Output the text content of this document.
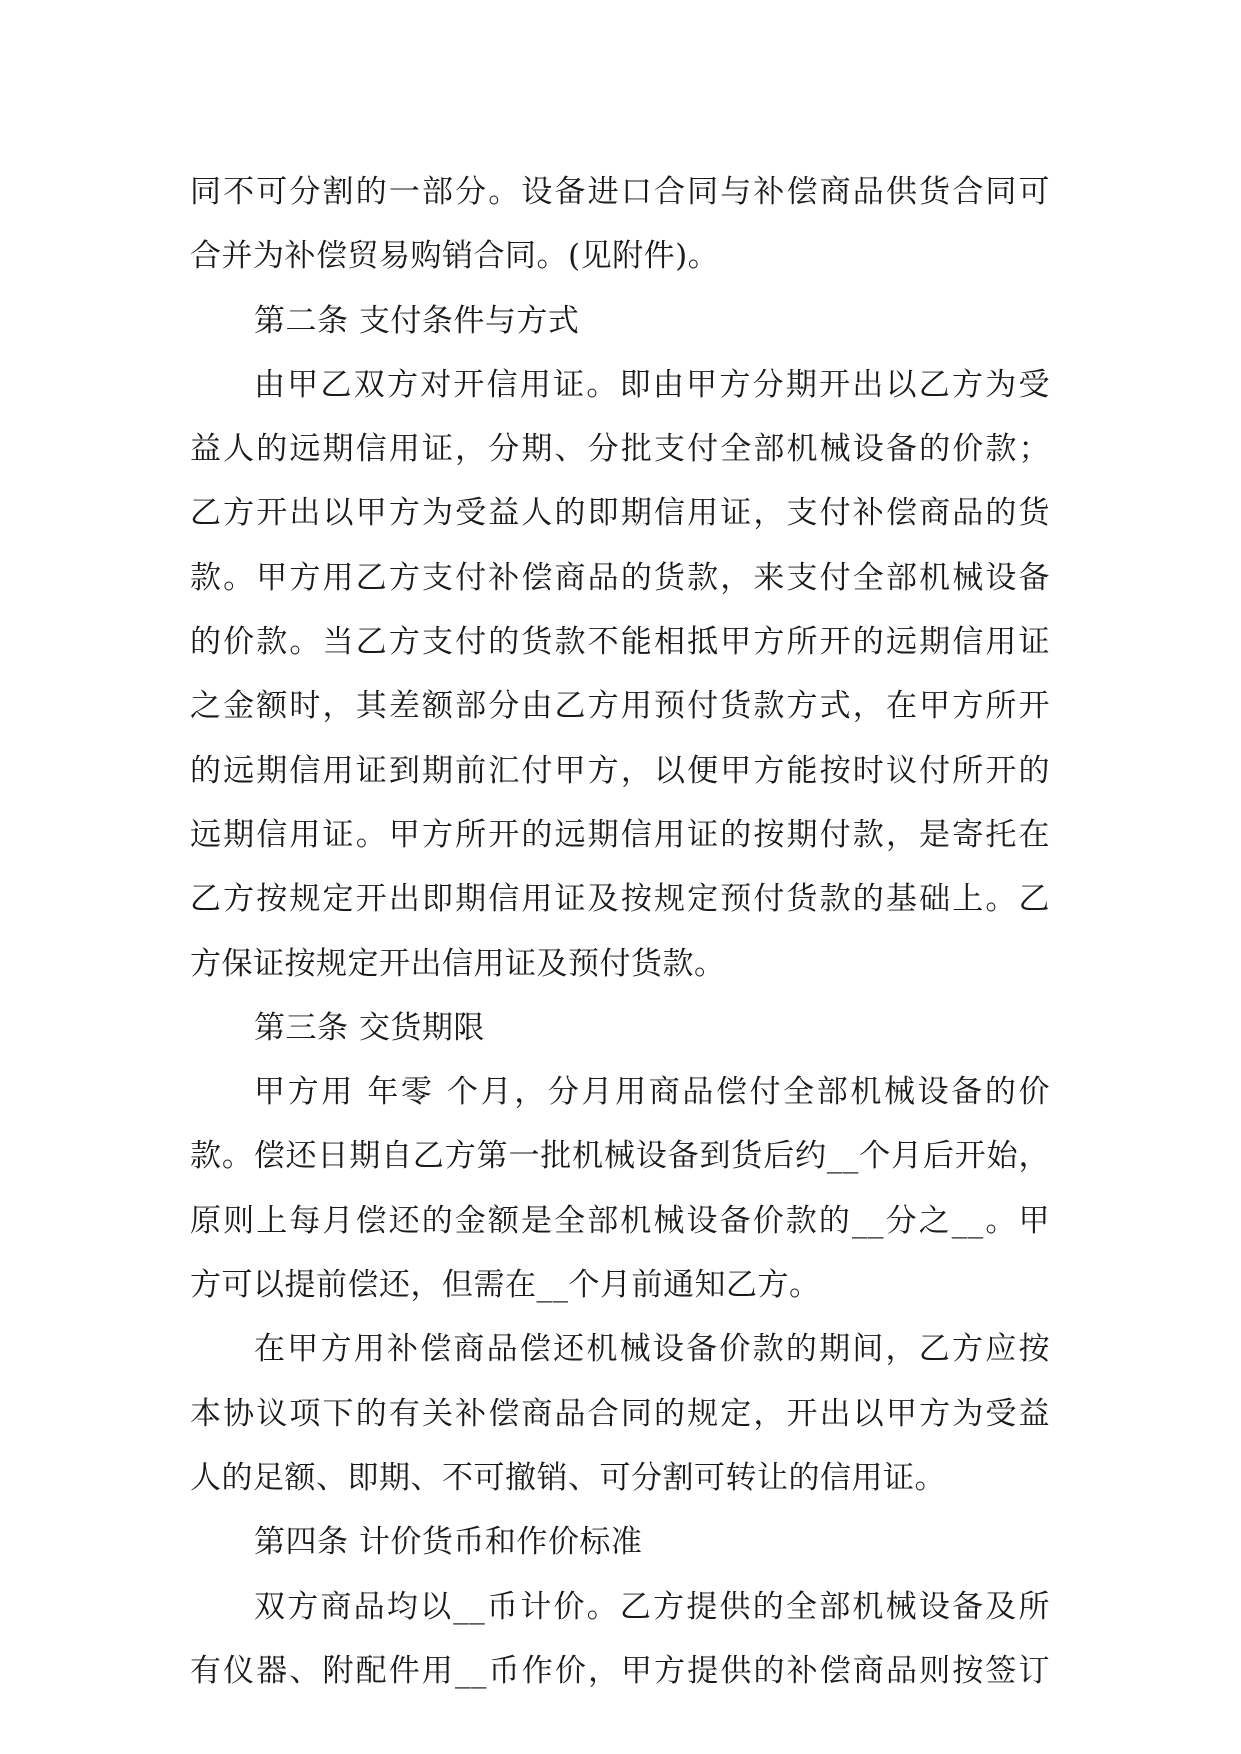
同不可分割的一部分。设备进口合同与补偿商品供货合同可
合并为补偿贸易购销合同。(见附件)。
第二条 支付条件与方式
由甲乙双方对开信用证。即由甲方分期开出以乙方为受
益人的远期信用证，分期、分批支付全部机械设备的价款；
乙方开出以甲方为受益人的即期信用证，支付补偿商品的货
款。甲方用乙方支付补偿商品的货款，来支付全部机械设备
的价款。当乙方支付的货款不能相抵甲方所开的远期信用证
之金额时，其差额部分由乙方用预付货款方式，在甲方所开
的远期信用证到期前汇付甲方，以便甲方能按时议付所开的
远期信用证。甲方所开的远期信用证的按期付款，是寄托在
乙方按规定开出即期信用证及按规定预付货款的基础上。乙
方保证按规定开出信用证及预付货款。
第三条 交货期限
甲方用 年零 个月，分月用商品偿付全部机械设备的价
款。偿还日期自乙方第一批机械设备到货后约__个月后开始，
原则上每月偿还的金额是全部机械设备价款的__分之__。甲
方可以提前偿还，但需在__个月前通知乙方。
在甲方用补偿商品偿还机械设备价款的期间，乙方应按
本协议项下的有关补偿商品合同的规定，开出以甲方为受益
人的足额、即期、不可撤销、可分割可转让的信用证。
第四条 计价货币和作价标准
双方商品均以__币计价。乙方提供的全部机械设备及所
有仪器、附配件用__币作价，甲方提供的补偿商品则按签订
